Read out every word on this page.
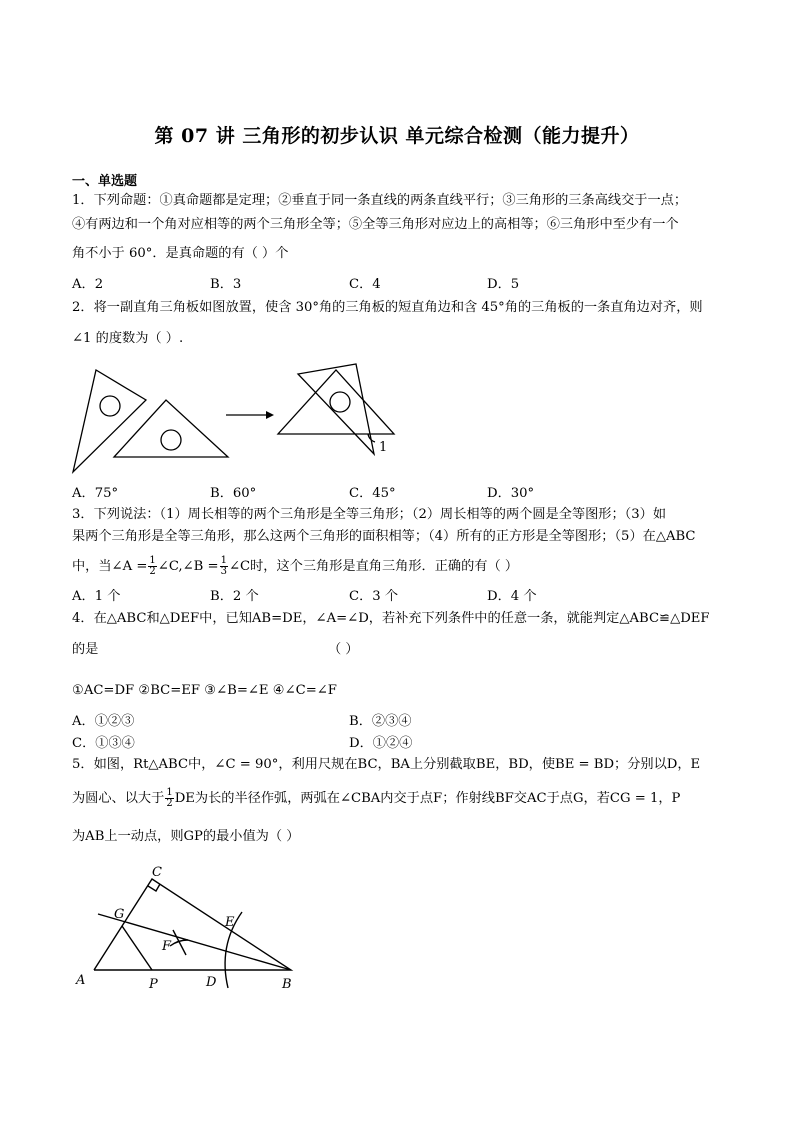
第 07 讲 三角形的初步认识 单元综合检测（能力提升）
一、单选题
1．下列命题：①真命题都是定理；②垂直于同一条直线的两条直线平行；③三角形的三条高线交于一点；
④有两边和一个角对应相等的两个三角形全等；⑤全等三角形对应边上的高相等；⑥三角形中至少有一个
角不小于 60°．是真命题的有（ ）个
A．2	B．3	C．4	D．5
2．将一副直角三角板如图放置，使含 30°角的三角板的短直角边和含 45°角的三角板的一条直角边对齐，则
∠1 的度数为（ ）.
1
A．75°	B．60°	C．45°	D．30°
3．下列说法：（1）周长相等的两个三角形是全等三角形；（2）周长相等的两个圆是全等图形；（3）如
果两个三角形是全等三角形，那么这两个三角形的面积相等；（4）所有的正方形是全等图形；（5）在△ABC
中，当∠A = $\frac{1}{2}$ ∠C,∠B = $\frac{1}{3}$ ∠C时，这个三角形是直角三角形．正确的有（ ）
A．1 个	B．2 个	C．3 个	D．4 个
4．在△ABC和△DEF中，已知AB=DE，∠A=∠D，若补充下列条件中的任意一条，就能判定△ABC≌△DEF
的是	（ ）
①AC=DF ②BC=EF ③∠B=∠E ④∠C=∠F
A．①②③	B．②③④
C．①③④	D．①②④
5．如图，Rt△ABC中，∠C = 90°，利用尺规在BC，BA上分别截取BE，BD，使BE = BD；分别以D，E
为圆心、以大于 $\frac{1}{2}$ DE为长的半径作弧，两弧在∠CBA内交于点F；作射线BF交AC于点G，若CG = 1，P
为AB上一动点，则GP的最小值为（ ）
C
G
E
F
A	P	D	B
